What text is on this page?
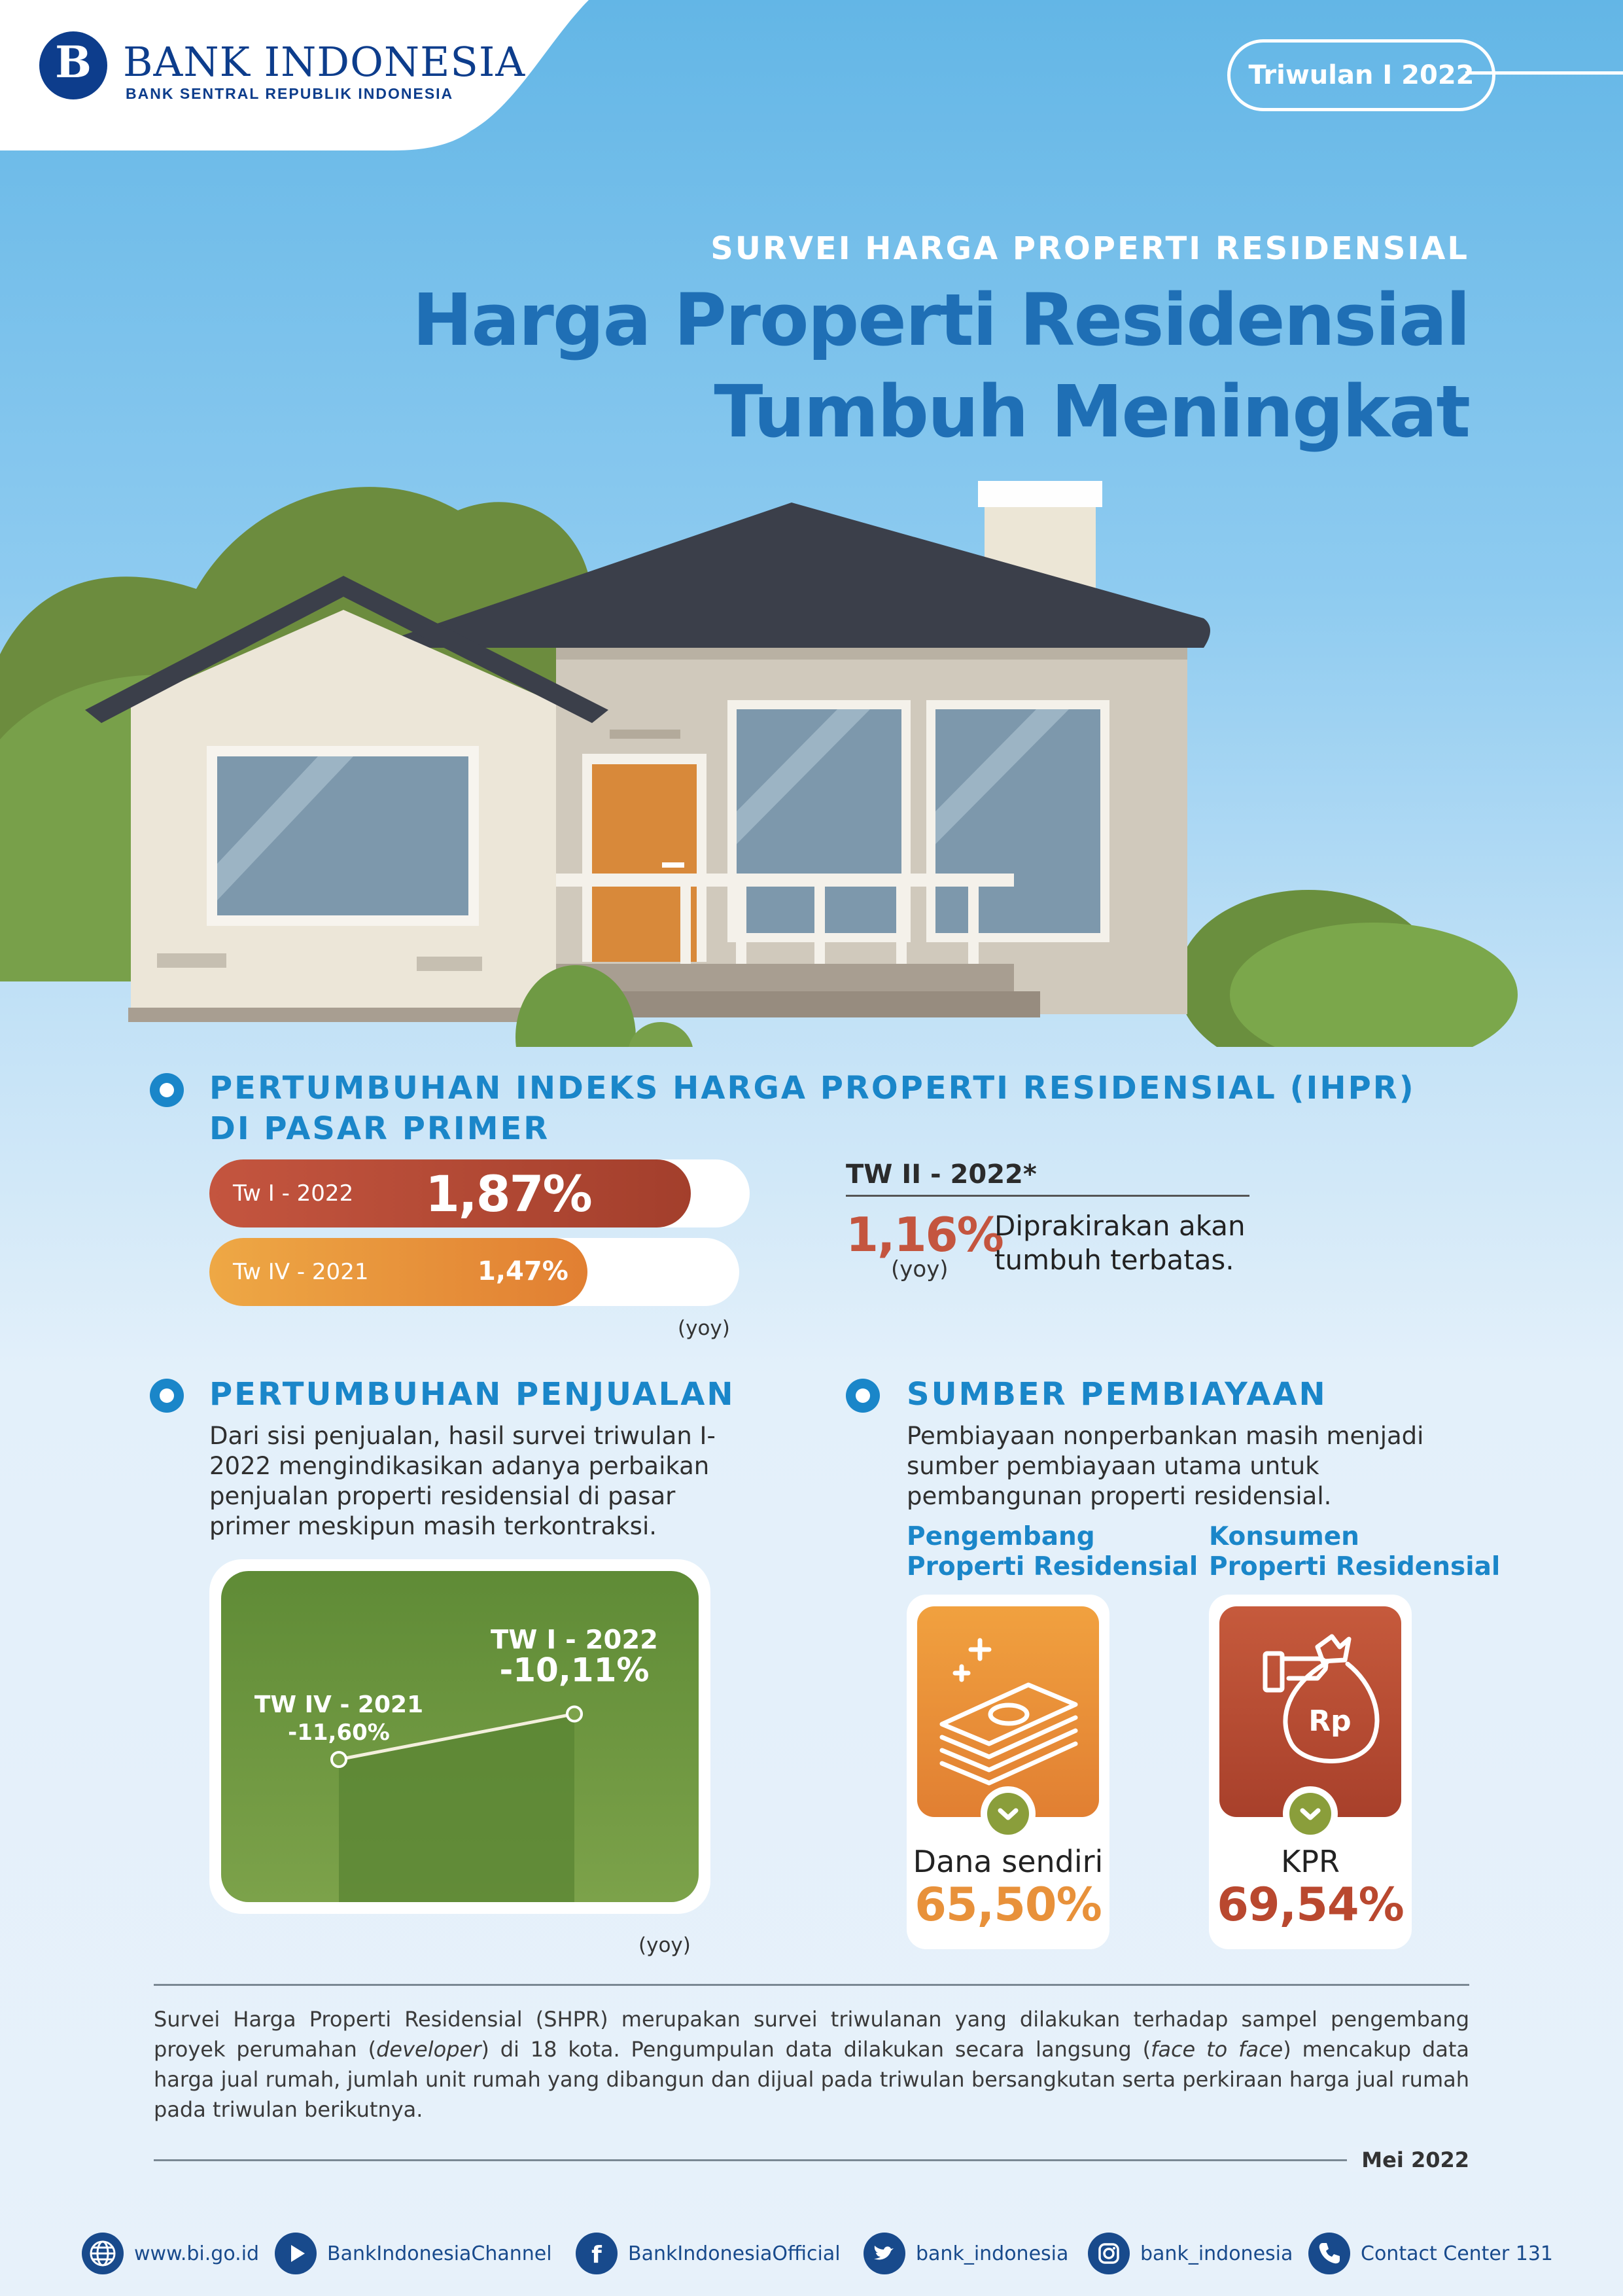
B BANK INDONESIA
BANK SENTRAL REPUBLIK INDONESIA
Triwulan I 2022
SURVEI HARGA PROPERTI RESIDENSIAL
Harga Properti Residensial
Tumbuh Meningkat
PERTUMBUHAN INDEKS HARGA PROPERTI RESIDENSIAL (IHPR)
DI PASAR PRIMER
Tw I - 2022 1,87%
Tw IV - 2021	1,47%
(yoy)
TW II - 2022*
1,16%
(yoy)
Diprakirakan akan tumbuh terbatas.
PERTUMBUHAN PENJUALAN
Dari sisi penjualan, hasil survei triwulan I-2022 mengindikasikan adanya perbaikan penjualan properti residensial di pasar primer meskipun masih terkontraksi.
TW IV - 2021
-11,60%
TW I - 2022
-10,11%
(yoy)
SUMBER PEMBIAYAAN
Pembiayaan nonperbankan masih menjadi sumber pembiayaan utama untuk pembangunan properti residensial.
Pengembang
Properti Residensial
Konsumen
Properti Residensial
Dana sendiri
65,50%
Rp
KPR
69,54%
Survei Harga Properti Residensial (SHPR) merupakan survei triwulanan yang dilakukan terhadap sampel pengembang proyek perumahan (developer) di 18 kota. Pengumpulan data dilakukan secara langsung (face to face) mencakup data harga jual rumah, jumlah unit rumah yang dibangun dan dijual pada triwulan bersangkutan serta perkiraan harga jual rumah pada triwulan berikutnya.
Mei 2022
www.bi.go.id	BankIndonesiaChannel f BankIndonesiaOfficial	bank_indonesia	bank_indonesia	Contact Center 131
